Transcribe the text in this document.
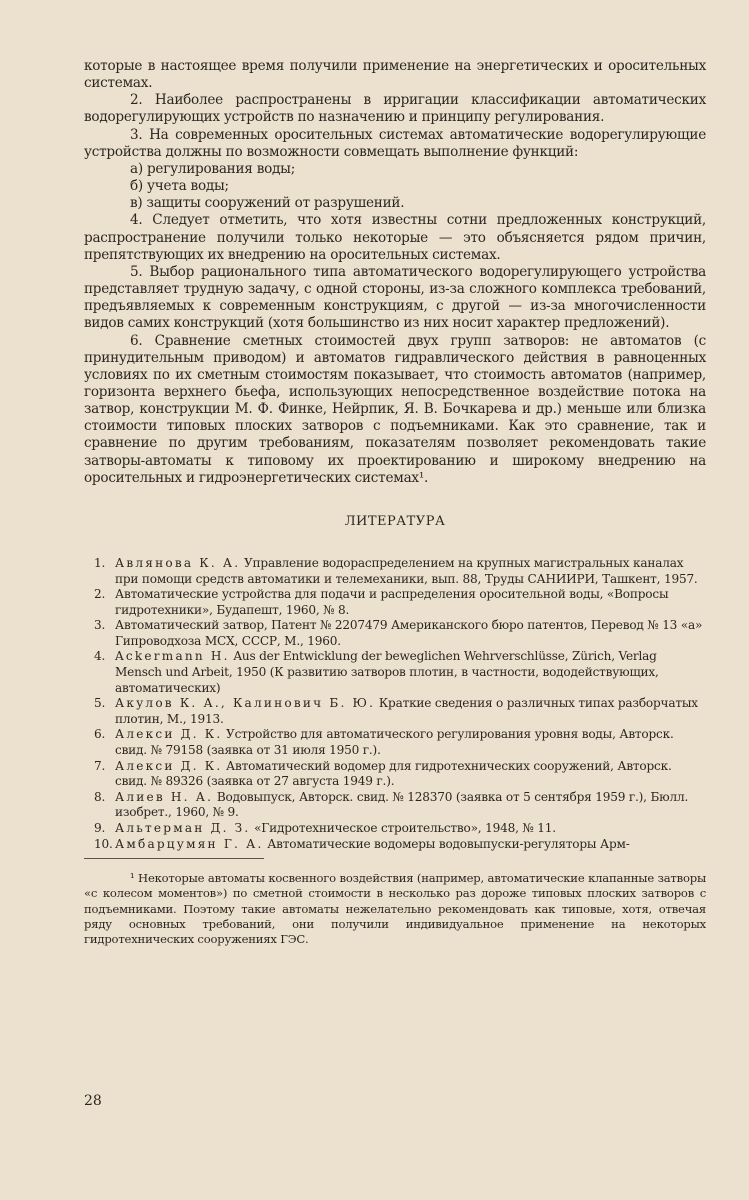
которые в настоящее время получили применение на энергетических и оросительных системах.

2. Наиболее распространены в ирригации классификации автоматических водорегулирующих устройств по назначению и принципу регулирования.

3. На современных оросительных системах автоматические водорегулирующие устройства должны по возможности совмещать выполнение функций:

а) регулирования воды;

б) учета воды;

в) защиты сооружений от разрушений.

4. Следует отметить, что хотя известны сотни предложенных конструкций, распространение получили только некоторые — это объясняется рядом причин, препятствующих их внедрению на оросительных системах.

5. Выбор рационального типа автоматического водорегулирующего устройства представляет трудную задачу, с одной стороны, из-за сложного комплекса требований, предъявляемых к современным конструкциям, с другой — из-за многочисленности видов самих конструкций (хотя большинство из них носит характер предложений).

6. Сравнение сметных стоимостей двух групп затворов: не автоматов (с принудительным приводом) и автоматов гидравлического действия в равноценных условиях по их сметным стоимостям показывает, что стоимость автоматов (например, горизонта верхнего бьефа, использующих непосредственное воздействие потока на затвор, конструкции М. Ф. Финке, Нейрпик, Я. В. Бочкарева и др.) меньше или близка стоимости типовых плоских затворов с подъемниками. Как это сравнение, так и сравнение по другим требованиям, показателям позволяет рекомендовать такие затворы-автоматы к типовому их проектированию и широкому внедрению на оросительных и гидроэнергетических системах¹.

ЛИТЕРАТУРА

1. Авлянова К. А. Управление водораспределением на крупных магистральных каналах при помощи средств автоматики и телемеханики, вып. 88, Труды САНИИРИ, Ташкент, 1957.

2. Автоматические устройства для подачи и распределения оросительной воды, «Вопросы гидротехники», Будапешт, 1960, № 8.

3. Автоматический затвор, Патент № 2207479 Американского бюро патентов, Перевод № 13 «а» Гипроводхоза МСХ, СССР, М., 1960.

4. Ackermann H. Aus der Entwicklung der beweglichen Wehrverschlüsse, Zürich, Verlag Mensch und Arbeit, 1950 (К развитию затворов плотин, в частности, вододействующих, автоматических)

5. Акулов К. А., Калинович Б. Ю. Краткие сведения о различных типах разборчатых плотин, М., 1913.

6. Алекси Д. К. Устройство для автоматического регулирования уровня воды, Авторск. свид. № 79158 (заявка от 31 июля 1950 г.).

7. Алекси Д. К. Автоматический водомер для гидротехнических сооружений, Авторск. свид. № 89326 (заявка от 27 августа 1949 г.).

8. Алиев Н. А. Водовыпуск, Авторск. свид. № 128370 (заявка от 5 сентября 1959 г.), Бюлл. изобрет., 1960, № 9.

9. Альтерман Д. З. «Гидротехническое строительство», 1948, № 11.

10. Амбарцумян Г. А. Автоматические водомеры водовыпуски-регуляторы Арм-

¹ Некоторые автоматы косвенного воздействия (например, автоматические клапанные затворы «с колесом моментов») по сметной стоимости в несколько раз дороже типовых плоских затворов с подъемниками. Поэтому такие автоматы нежелательно рекомендовать как типовые, хотя, отвечая ряду основных требований, они получили индивидуальное применение на некоторых гидротехнических сооружениях ГЭС.

28
